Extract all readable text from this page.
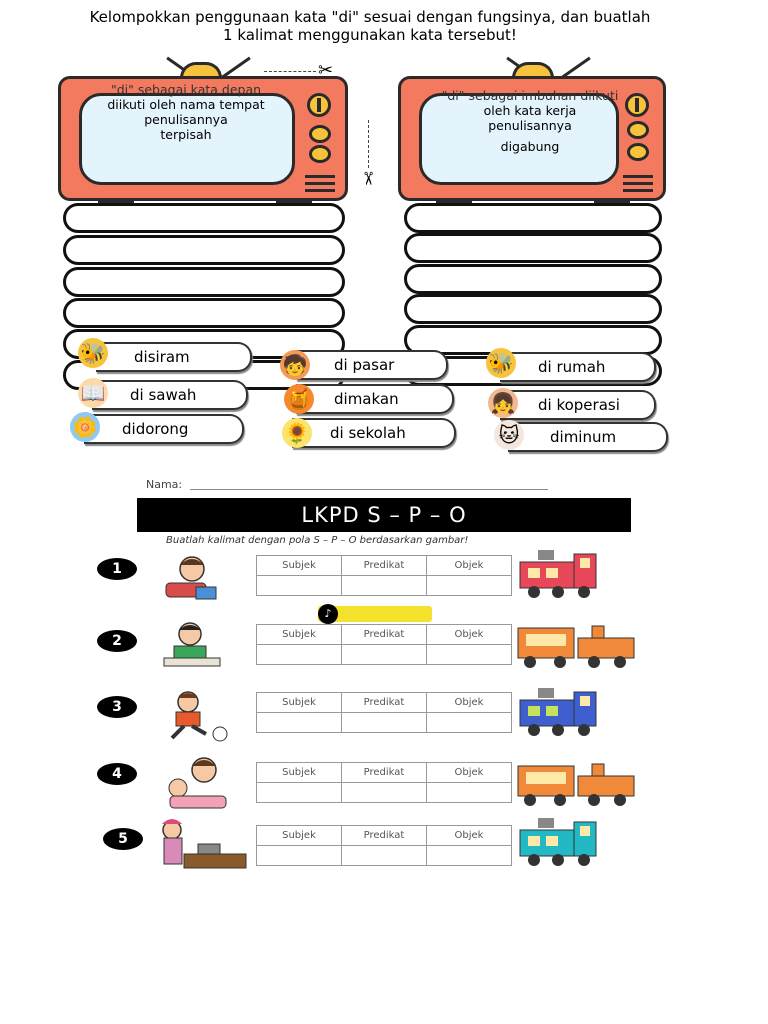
Kelompokkan penggunaan kata "di" sesuai dengan fungsinya, dan buatlah
1 kalimat menggunakan kata tersebut!
"di" sebagai kata depan
diikuti oleh nama tempat
penulisannya
terpisah
"di" sebagai imbuhan diikuti
oleh kata kerja
penulisannya
digabung
✂
✂
disiram
🐝
di sawah
📖
didorong
🌼
di pasar
🧒
dimakan
🍯
di sekolah
🌻
di rumah
🐝
di koperasi
👧
diminum
🐱
Nama:
LKPD S – P – O
Buatlah kalimat dengan pola S – P – O berdasarkan gambar!
♪
1	Subjek	Predikat	Objek

2	Subjek	Predikat	Objek

3	Subjek	Predikat	Objek

4	Subjek	Predikat	Objek

5	Subjek	Predikat	Objek
